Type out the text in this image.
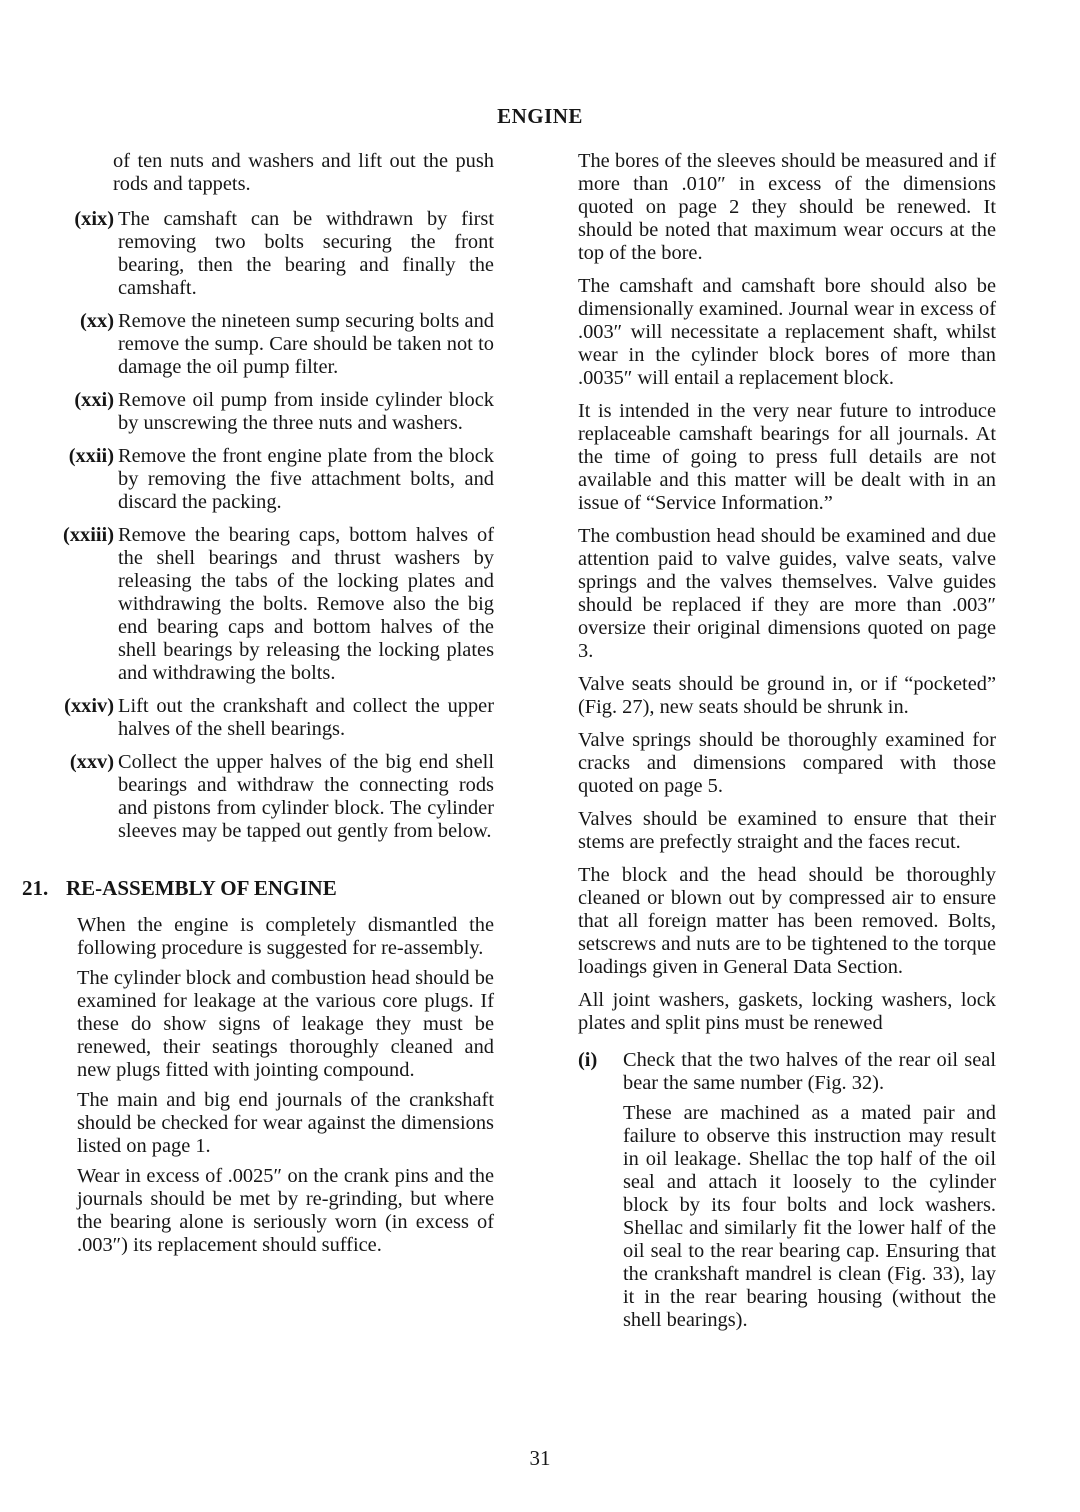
ENGINE

of ten nuts and washers and lift out the push rods and tappets.

(xix) The camshaft can be withdrawn by first removing two bolts securing the front bearing, then the bearing and finally the camshaft.

(xx) Remove the nineteen sump securing bolts and remove the sump. Care should be taken not to damage the oil pump filter.

(xxi) Remove oil pump from inside cylinder block by unscrewing the three nuts and washers.

(xxii) Remove the front engine plate from the block by removing the five attachment bolts, and discard the packing.

(xxiii) Remove the bearing caps, bottom halves of the shell bearings and thrust washers by releasing the tabs of the locking plates and withdrawing the bolts. Remove also the big end bearing caps and bottom halves of the shell bearings by releasing the locking plates and withdrawing the bolts.

(xxiv) Lift out the crankshaft and collect the upper halves of the shell bearings.

(xxv) Collect the upper halves of the big end shell bearings and withdraw the connecting rods and pistons from cylinder block. The cylinder sleeves may be tapped out gently from below.

21. RE-ASSEMBLY OF ENGINE

When the engine is completely dismantled the following procedure is suggested for re-assembly.

The cylinder block and combustion head should be examined for leakage at the various core plugs. If these do show signs of leakage they must be renewed, their seatings thoroughly cleaned and new plugs fitted with jointing compound.

The main and big end journals of the crankshaft should be checked for wear against the dimensions listed on page 1.

Wear in excess of .0025″ on the crank pins and the journals should be met by re-grinding, but where the bearing alone is seriously worn (in excess of .003″) its replacement should suffice.

The bores of the sleeves should be measured and if more than .010″ in excess of the dimensions quoted on page 2 they should be renewed. It should be noted that maximum wear occurs at the top of the bore.

The camshaft and camshaft bore should also be dimensionally examined. Journal wear in excess of .003″ will necessitate a replacement shaft, whilst wear in the cylinder block bores of more than .0035″ will entail a replacement block.

It is intended in the very near future to introduce replaceable camshaft bearings for all journals. At the time of going to press full details are not available and this matter will be dealt with in an issue of “Service Information.”

The combustion head should be examined and due attention paid to valve guides, valve seats, valve springs and the valves themselves. Valve guides should be replaced if they are more than .003″ oversize their original dimensions quoted on page 3.

Valve seats should be ground in, or if “pocketed” (Fig. 27), new seats should be shrunk in.

Valve springs should be thoroughly examined for cracks and dimensions compared with those quoted on page 5.

Valves should be examined to ensure that their stems are prefectly straight and the faces recut.

The block and the head should be thoroughly cleaned or blown out by compressed air to ensure that all foreign matter has been removed. Bolts, setscrews and nuts are to be tightened to the torque loadings given in General Data Section.

All joint washers, gaskets, locking washers, lock plates and split pins must be renewed

(i)	Check that the two halves of the rear oil seal bear the same number (Fig. 32).

These are machined as a mated pair and failure to observe this instruction may result in oil leakage. Shellac the top half of the oil seal and attach it loosely to the cylinder block by its four bolts and lock washers. Shellac and similarly fit the lower half of the oil seal to the rear bearing cap. Ensuring that the crankshaft mandrel is clean (Fig. 33), lay it in the rear bearing housing (without the shell bearings).

31
